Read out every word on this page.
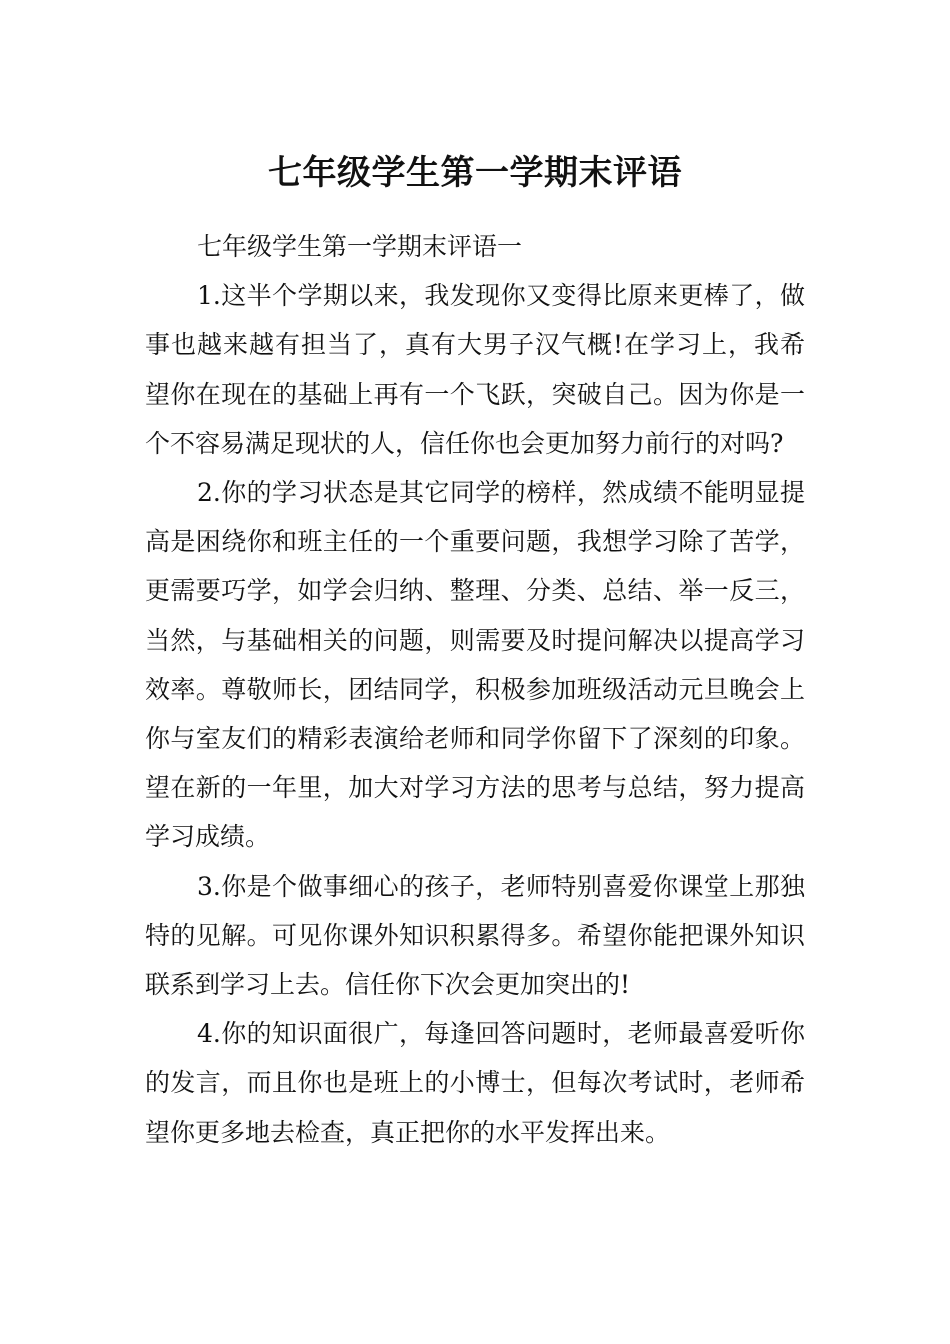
七年级学生第一学期末评语

七年级学生第一学期末评语一

1.这半个学期以来，我发现你又变得比原来更棒了，做事也越来越有担当了，真有大男子汉气概!在学习上，我希望你在现在的基础上再有一个飞跃，突破自己。因为你是一个不容易满足现状的人，信任你也会更加努力前行的对吗?

2.你的学习状态是其它同学的榜样，然成绩不能明显提高是困绕你和班主任的一个重要问题，我想学习除了苦学，更需要巧学，如学会归纳、整理、分类、总结、举一反三，当然，与基础相关的问题，则需要及时提问解决以提高学习效率。尊敬师长，团结同学，积极参加班级活动元旦晚会上你与室友们的精彩表演给老师和同学你留下了深刻的印象。望在新的一年里，加大对学习方法的思考与总结，努力提高学习成绩。

3.你是个做事细心的孩子，老师特别喜爱你课堂上那独特的见解。可见你课外知识积累得多。希望你能把课外知识联系到学习上去。信任你下次会更加突出的!

4.你的知识面很广，每逢回答问题时，老师最喜爱听你的发言，而且你也是班上的小博士，但每次考试时，老师希望你更多地去检查，真正把你的水平发挥出来。
